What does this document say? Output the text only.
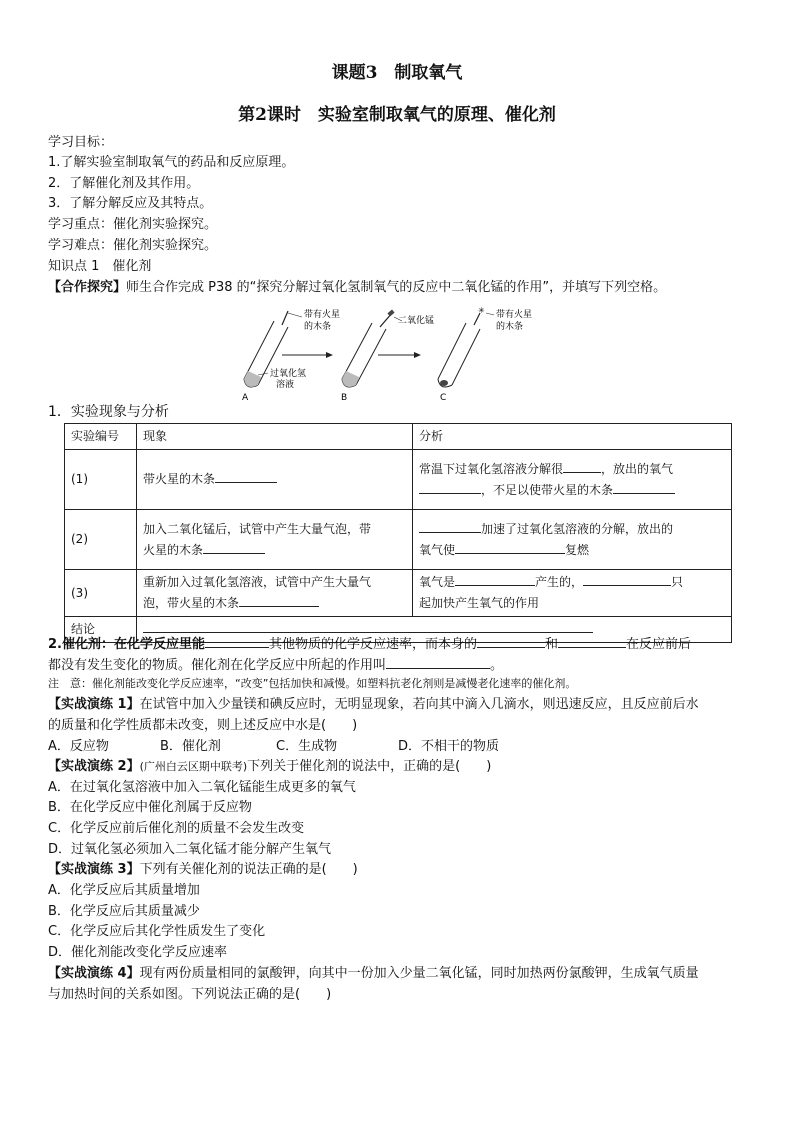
课题3　制取氧气
第2课时　实验室制取氧气的原理、催化剂
学习目标：
1.了解实验室制取氧气的药品和反应原理。
2．了解催化剂及其作用。
3．了解分解反应及其特点。
学习重点：催化剂实验探究。
学习难点：催化剂实验探究。
知识点 1　催化剂
【合作探究】师生合作完成 P38 的“探究分解过氧化氢制氧气的反应中二氧化锰的作用”，并填写下列空格。
带有火星
的木条
过氧化氢
溶液
A
二氧化锰
B
✳ 带有火星
的木条
C
1．实验现象与分析
实验编号	现象	分析
(1)	带火星的木条	常温下过氧化氢溶液分解很 ，放出的氧气
，不足以使带火星的木条
(2)	加入二氧化锰后，试管中产生大量气泡，带
火星的木条	加速了过氧化氢溶液的分解，放出的
氧气使 复燃
(3)	重新加入过氧化氢溶液，试管中产生大量气
泡，带火星的木条	氧气是 产生的， 只
起加快产生氧气的作用
结论		
2.催化剂：在化学反应里能	其他物质的化学反应速率，而本身的	和	在反应前后
都没有发生变化的物质。催化剂在化学反应中所起的作用叫	。
注　意：催化剂能改变化学反应速率，“改变”包括加快和减慢。如塑料抗老化剂则是减慢老化速率的催化剂。
【实战演练 1】在试管中加入少量镁和碘反应时，无明显现象，若向其中滴入几滴水，则迅速反应，且反应前后水
的质量和化学性质都未改变，则上述反应中水是(　　)
A．反应物	B．催化剂	C．生成物	D．不相干的物质
【实战演练 2】(广州白云区期中联考)下列关于催化剂的说法中，正确的是(　　)
A．在过氧化氢溶液中加入二氧化锰能生成更多的氧气
B．在化学反应中催化剂属于反应物
C．化学反应前后催化剂的质量不会发生改变
D．过氧化氢必须加入二氧化锰才能分解产生氧气
【实战演练 3】下列有关催化剂的说法正确的是(　　)
A．化学反应后其质量增加
B．化学反应后其质量减少
C．化学反应后其化学性质发生了变化
D．催化剂能改变化学反应速率
【实战演练 4】现有两份质量相同的氯酸钾，向其中一份加入少量二氧化锰，同时加热两份氯酸钾，生成氧气质量
与加热时间的关系如图。下列说法正确的是(　　)
